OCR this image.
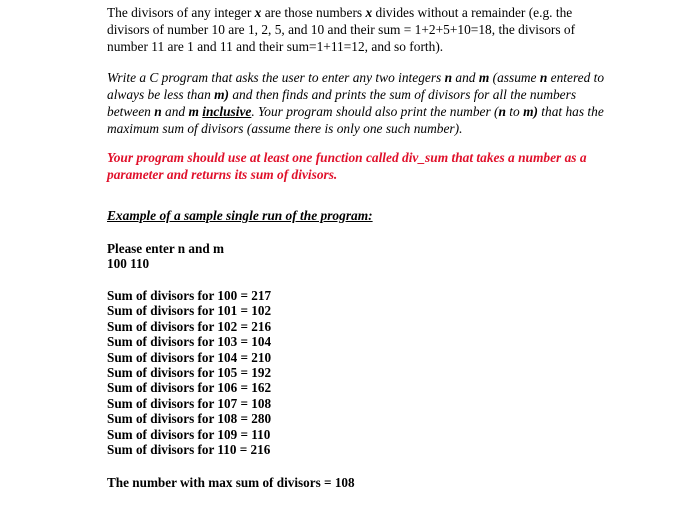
The divisors of any integer x are those numbers x divides without a remainder (e.g. the divisors of number 10 are 1, 2, 5, and 10 and their sum = 1+2+5+10=18, the divisors of number 11 are 1 and 11 and their sum=1+11=12, and so forth).

Write a C program that asks the user to enter any two integers n and m (assume n entered to always be less than m) and then finds and prints the sum of divisors for all the numbers between n and m inclusive. Your program should also print the number (n to m) that has the maximum sum of divisors (assume there is only one such number).

Your program should use at least one function called div_sum that takes a number as a parameter and returns its sum of divisors.

Example of a sample single run of the program:
Please enter n and m
100 110
Sum of divisors for 100 = 217
Sum of divisors for 101 = 102
Sum of divisors for 102 = 216
Sum of divisors for 103 = 104
Sum of divisors for 104 = 210
Sum of divisors for 105 = 192
Sum of divisors for 106 = 162
Sum of divisors for 107 = 108
Sum of divisors for 108 = 280
Sum of divisors for 109 = 110
Sum of divisors for 110 = 216
The number with max sum of divisors = 108
